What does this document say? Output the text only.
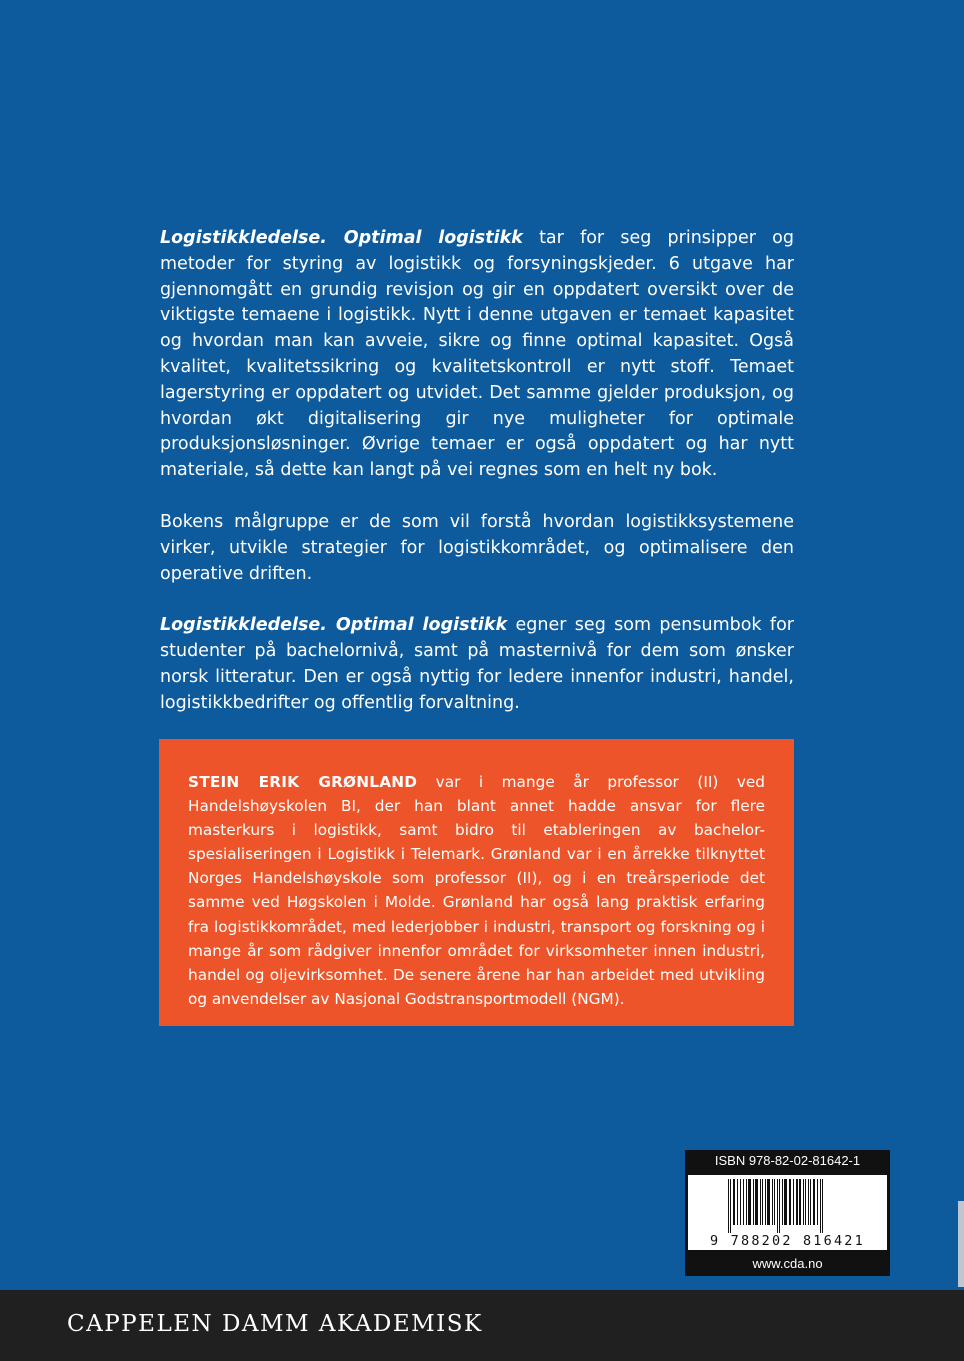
Logistikkledelse. Optimal logistikk tar for seg prinsipper og metoder for styring av logistikk og forsyningskjeder. 6 utgave har gjennomgått en grundig revisjon og gir en oppdatert oversikt over de viktigste temaene i logistikk. Nytt i denne utgaven er temaet kapasitet og hvordan man kan avveie, sikre og finne optimal kapasitet. Også kvalitet, kvalitetssikring og kvalitetskontroll er nytt stoff. Temaet lagerstyring er oppdatert og utvidet. Det samme gjelder produksjon, og hvordan økt digitalisering gir nye muligheter for optimale produksjonsløsninger. Øvrige temaer er også oppdatert og har nytt materiale, så dette kan langt på vei regnes som en helt ny bok.

Bokens målgruppe er de som vil forstå hvordan logistikksystemene virker, utvikle strategier for logistikkområdet, og optimalisere den operative driften.

Logistikkledelse. Optimal logistikk egner seg som pensumbok for studenter på bachelornivå, samt på masternivå for dem som ønsker norsk litteratur. Den er også nyttig for ledere innenfor industri, handel, logistikkbedrifter og offentlig forvaltning.

STEIN ERIK GRØNLAND var i mange år professor (II) ved Handelshøyskolen BI, der han blant annet hadde ansvar for flere masterkurs i logistikk, samt bidro til etableringen av bachelor-spesialiseringen i Logistikk i Telemark. Grønland var i en årrekke tilknyttet Norges Handelshøyskole som professor (II), og i en treårsperiode det samme ved Høgskolen i Molde. Grønland har også lang praktisk erfaring fra logistikkområdet, med lederjobber i industri, transport og forskning og i mange år som rådgiver innenfor området for virksomheter innen industri, handel og oljevirksomhet. De senere årene har han arbeidet med utvikling og anvendelser av Nasjonal Godstransportmodell (NGM).

ISBN 978-82-02-81642-1
9 788202 816421
www.cda.no
CAPPELEN DAMM AKADEMISK
